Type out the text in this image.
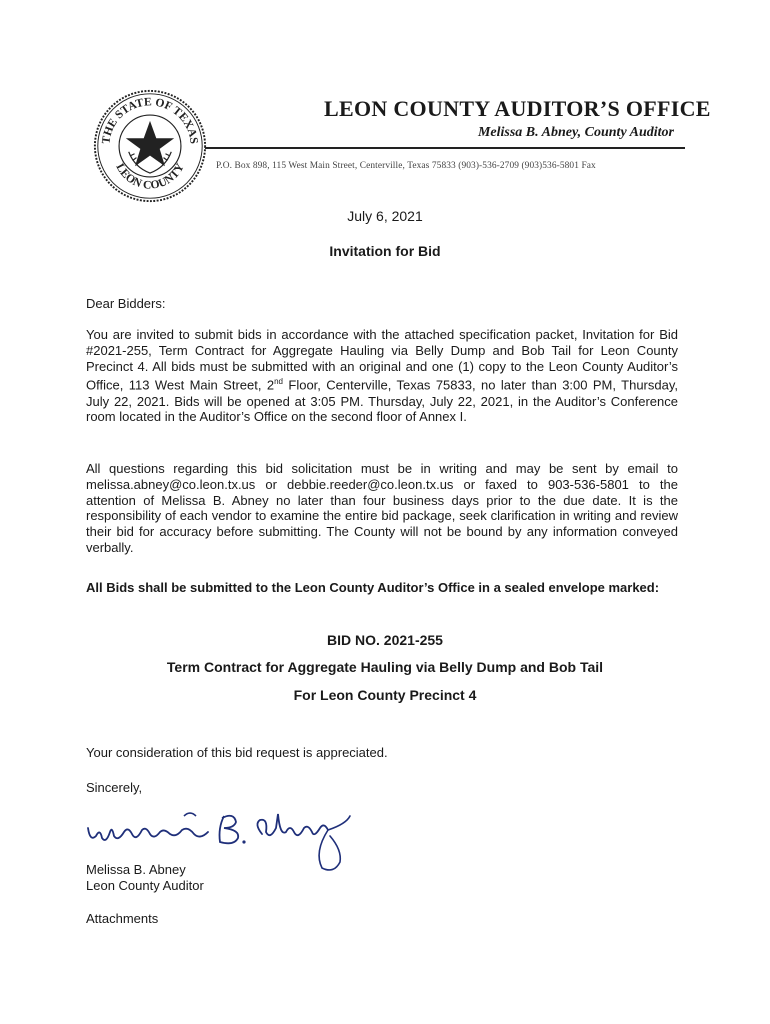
THE STATE OF TEXAS
LEON COUNTY
LEON COUNTY AUDITOR’S OFFICE
Melissa B. Abney, County Auditor
P.O. Box 898, 115 West Main Street, Centerville, Texas 75833 (903)-536-2709 (903)536-5801 Fax
July 6, 2021
Invitation for Bid
Dear Bidders:
You are invited to submit bids in accordance with the attached specification packet, Invitation for Bid #2021-255, Term Contract for Aggregate Hauling via Belly Dump and Bob Tail for Leon County Precinct 4. All bids must be submitted with an original and one (1) copy to the Leon County Auditor’s Office, 113 West Main Street, 2nd Floor, Centerville, Texas 75833, no later than 3:00 PM, Thursday, July 22, 2021. Bids will be opened at 3:05 PM. Thursday, July 22, 2021, in the Auditor’s Conference room located in the Auditor’s Office on the second floor of Annex I.
All questions regarding this bid solicitation must be in writing and may be sent by email to melissa.abney@co.leon.tx.us or debbie.reeder@co.leon.tx.us or faxed to 903-536-5801 to the attention of Melissa B. Abney no later than four business days prior to the due date. It is the responsibility of each vendor to examine the entire bid package, seek clarification in writing and review their bid for accuracy before submitting. The County will not be bound by any information conveyed verbally.
All Bids shall be submitted to the Leon County Auditor’s Office in a sealed envelope marked:
BID NO. 2021-255
Term Contract for Aggregate Hauling via Belly Dump and Bob Tail
For Leon County Precinct 4
Your consideration of this bid request is appreciated.
Sincerely,
Melissa B. Abney
Leon County Auditor
Attachments
